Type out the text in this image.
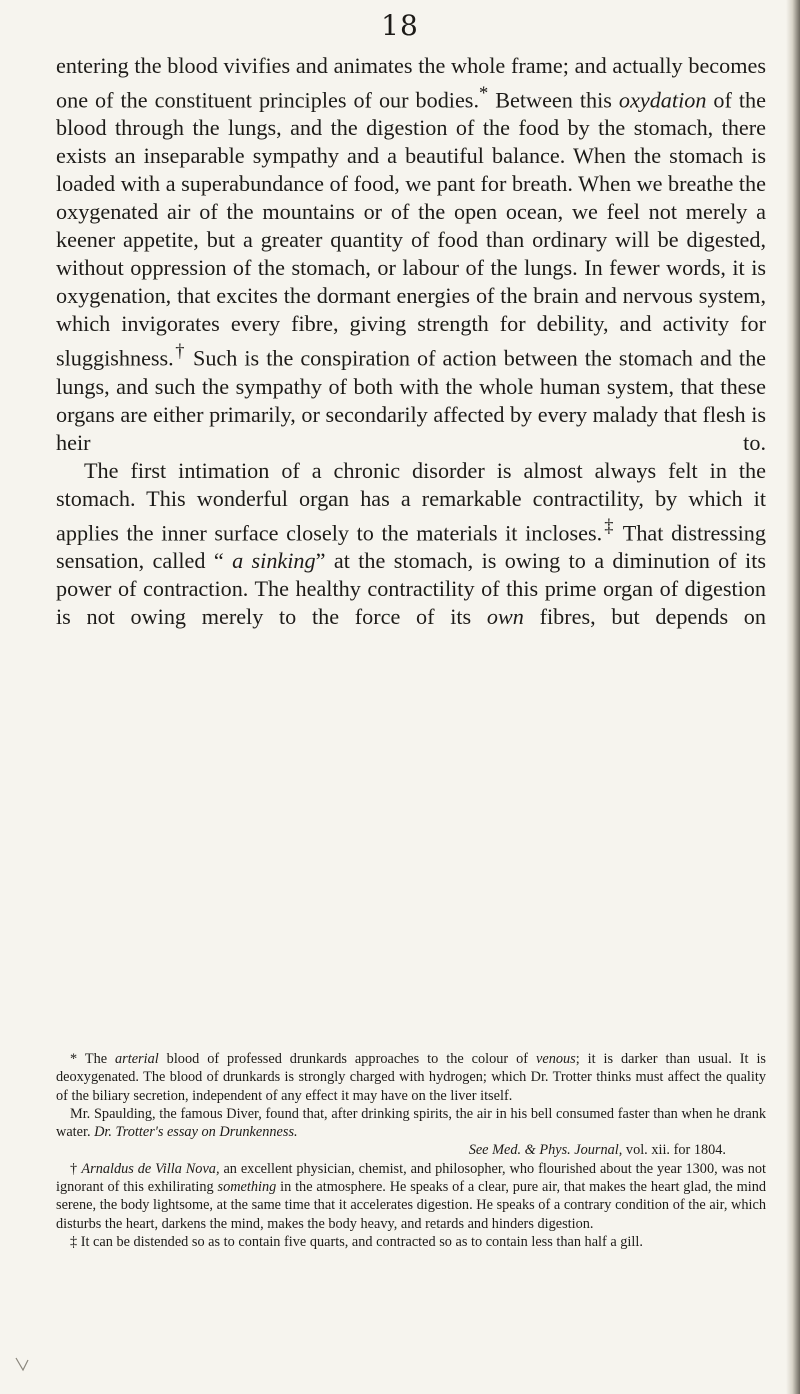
18

entering the blood vivifies and animates the whole frame; and actually becomes one of the constituent principles of our bodies.* Between this oxydation of the blood through the lungs, and the digestion of the food by the stomach, there exists an inseparable sympathy and a beautiful balance. When the stomach is loaded with a superabundance of food, we pant for breath. When we breathe the oxygenated air of the mountains or of the open ocean, we feel not merely a keener appetite, but a greater quantity of food than ordinary will be digested, without oppression of the stomach, or labour of the lungs. In fewer words, it is oxygenation, that excites the dormant energies of the brain and nervous system, which invigorates every fibre, giving strength for debility, and activity for sluggishness.† Such is the conspiration of action between the stomach and the lungs, and such the sympathy of both with the whole human system, that these organs are either primarily, or secondarily affected by every malady that flesh is heir to.

The first intimation of a chronic disorder is almost always felt in the stomach. This wonderful organ has a remarkable contractility, by which it applies the inner surface closely to the materials it incloses.‡ That distressing sensation, called “ a sinking” at the stomach, is owing to a diminution of its power of contraction. The healthy contractility of this prime organ of digestion is not owing merely to the force of its own fibres, but depends on

* The arterial blood of professed drunkards approaches to the colour of venous; it is darker than usual. It is deoxygenated. The blood of drunkards is strongly charged with hydrogen; which Dr. Trotter thinks must affect the quality of the biliary secretion, independent of any effect it may have on the liver itself.

Mr. Spaulding, the famous Diver, found that, after drinking spirits, the air in his bell consumed faster than when he drank water. Dr. Trotter's essay on Drunkenness.

See Med. & Phys. Journal, vol. xii. for 1804.

† Arnaldus de Villa Nova, an excellent physician, chemist, and philosopher, who flourished about the year 1300, was not ignorant of this exhilirating something in the atmosphere. He speaks of a clear, pure air, that makes the heart glad, the mind serene, the body lightsome, at the same time that it accelerates digestion. He speaks of a contrary condition of the air, which disturbs the heart, darkens the mind, makes the body heavy, and retards and hinders digestion.

‡ It can be distended so as to contain five quarts, and contracted so as to contain less than half a gill.
